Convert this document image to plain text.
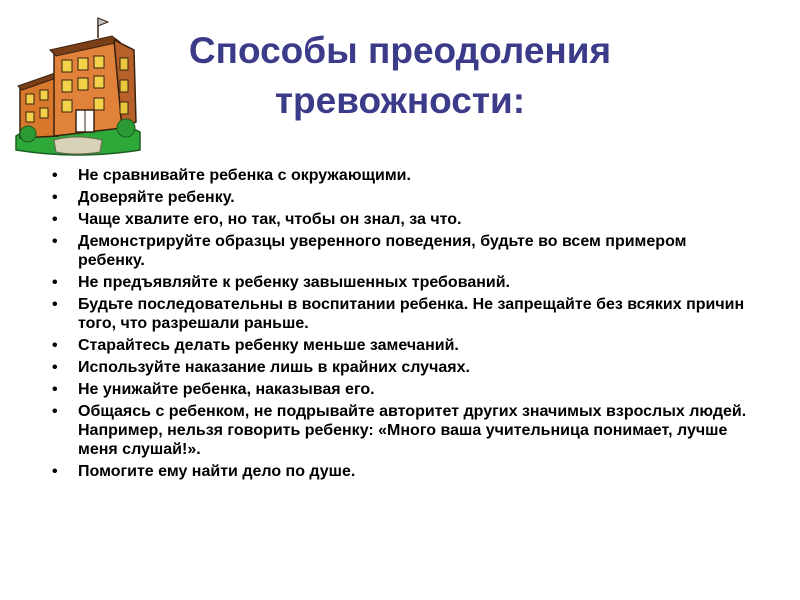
Способы преодоления
тревожности:
• Не сравнивайте ребенка с окружающими.
• Доверяйте ребенку.
• Чаще хвалите его, но так, чтобы он знал, за что.
• Демонстрируйте образцы уверенного поведения, будьте во всем примером ребенку.
• Не предъявляйте к ребенку завышенных требований.
• Будьте последовательны в воспитании ребенка. Не запрещайте без всяких причин того, что разрешали раньше.
• Старайтесь делать ребенку меньше замечаний.
• Используйте наказание лишь в крайних случаях.
• Не унижайте ребенка, наказывая его.
• Общаясь с ребенком, не подрывайте авторитет других значимых взрослых людей. Например, нельзя говорить ребенку: «Много ваша учительница понимает, лучше меня слушай!».
• Помогите ему найти дело по душе.
